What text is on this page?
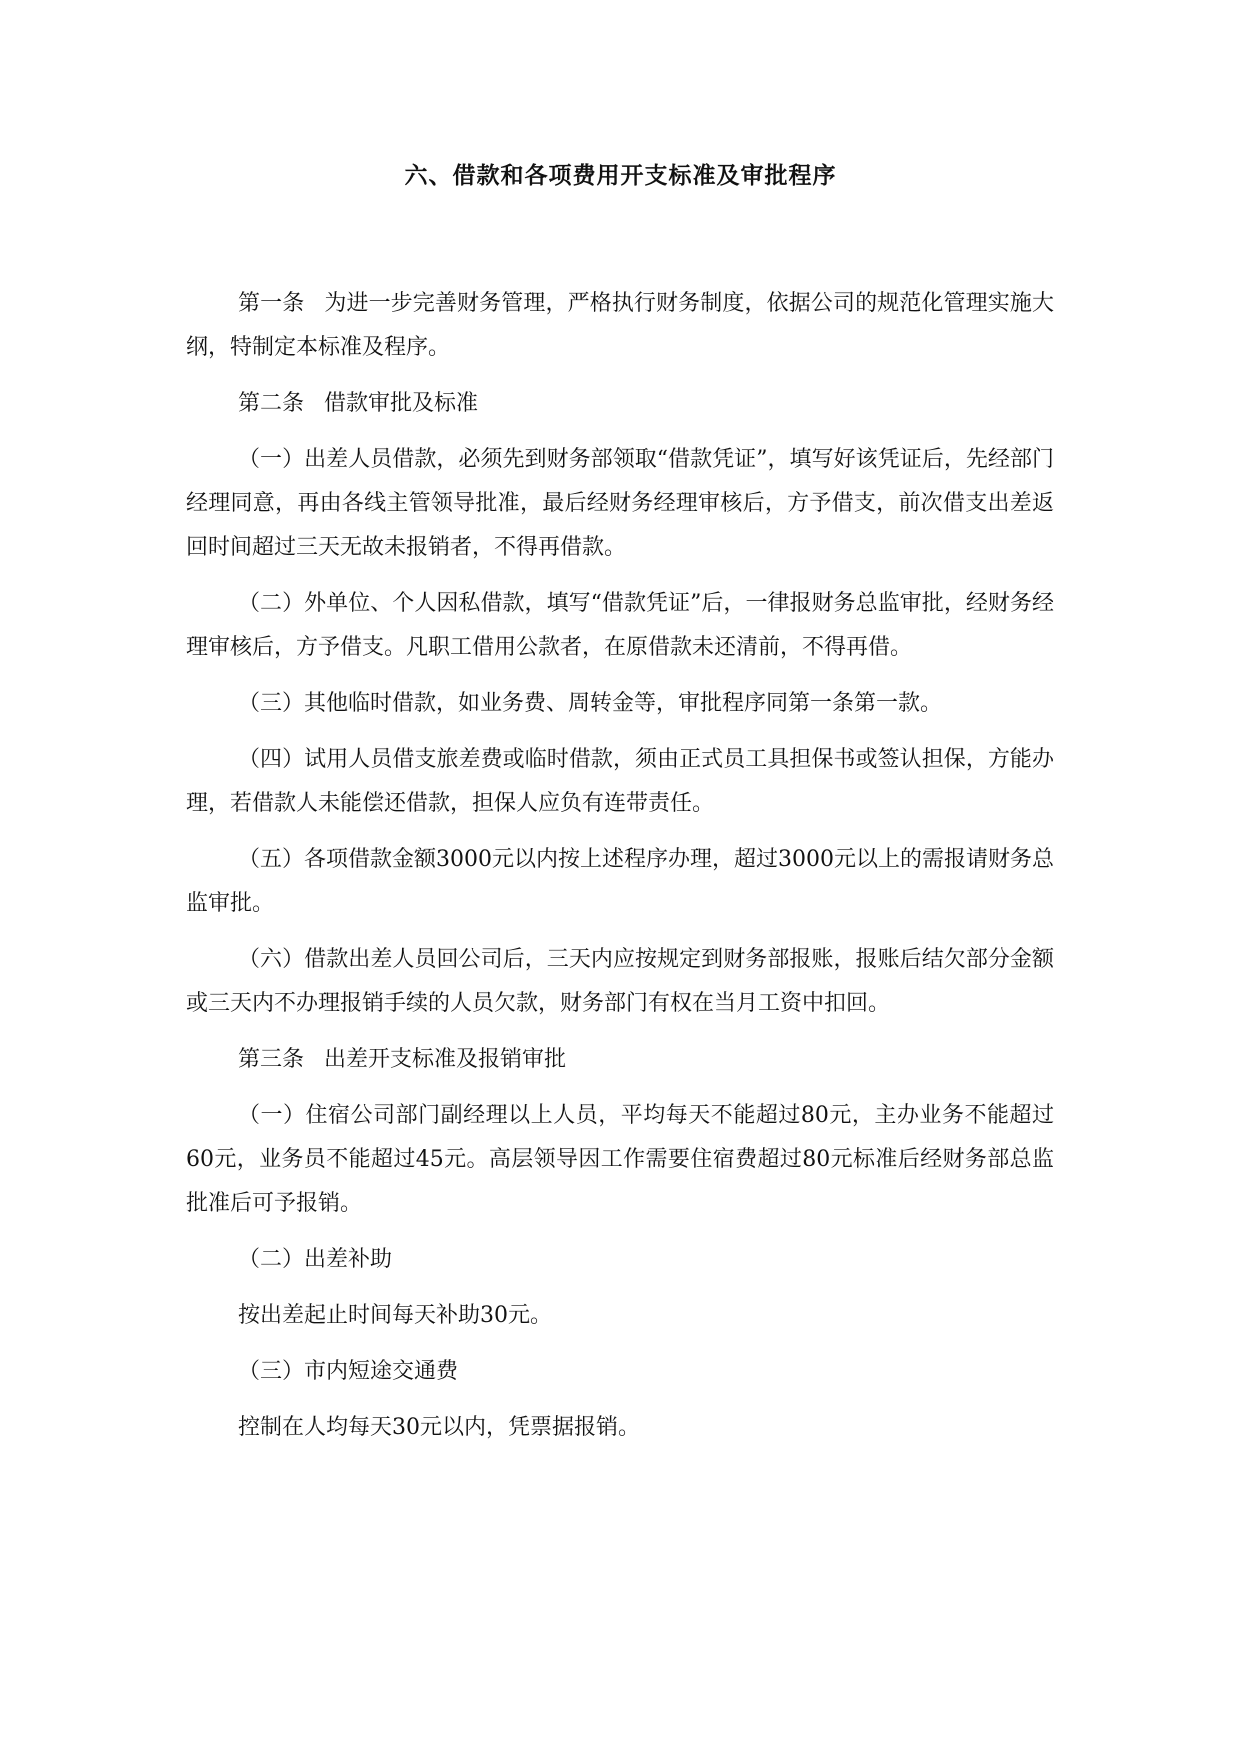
六、借款和各项费用开支标准及审批程序

第一条 为进一步完善财务管理，严格执行财务制度，依据公司的规范化管理实施大纲，特制定本标准及程序。

第二条 借款审批及标准

（一）出差人员借款，必须先到财务部领取“借款凭证”，填写好该凭证后，先经部门经理同意，再由各线主管领导批准，最后经财务经理审核后，方予借支，前次借支出差返回时间超过三天无故未报销者，不得再借款。

（二）外单位、个人因私借款，填写“借款凭证”后，一律报财务总监审批，经财务经理审核后，方予借支。凡职工借用公款者，在原借款未还清前，不得再借。

（三）其他临时借款，如业务费、周转金等，审批程序同第一条第一款。

（四）试用人员借支旅差费或临时借款，须由正式员工具担保书或签认担保，方能办理，若借款人未能偿还借款，担保人应负有连带责任。

（五）各项借款金额3000元以内按上述程序办理，超过3000元以上的需报请财务总监审批。

（六）借款出差人员回公司后，三天内应按规定到财务部报账，报账后结欠部分金额或三天内不办理报销手续的人员欠款，财务部门有权在当月工资中扣回。

第三条 出差开支标准及报销审批

（一）住宿公司部门副经理以上人员，平均每天不能超过80元，主办业务不能超过60元，业务员不能超过45元。高层领导因工作需要住宿费超过80元标准后经财务部总监批准后可予报销。

（二）出差补助

按出差起止时间每天补助30元。

（三）市内短途交通费

控制在人均每天30元以内，凭票据报销。
